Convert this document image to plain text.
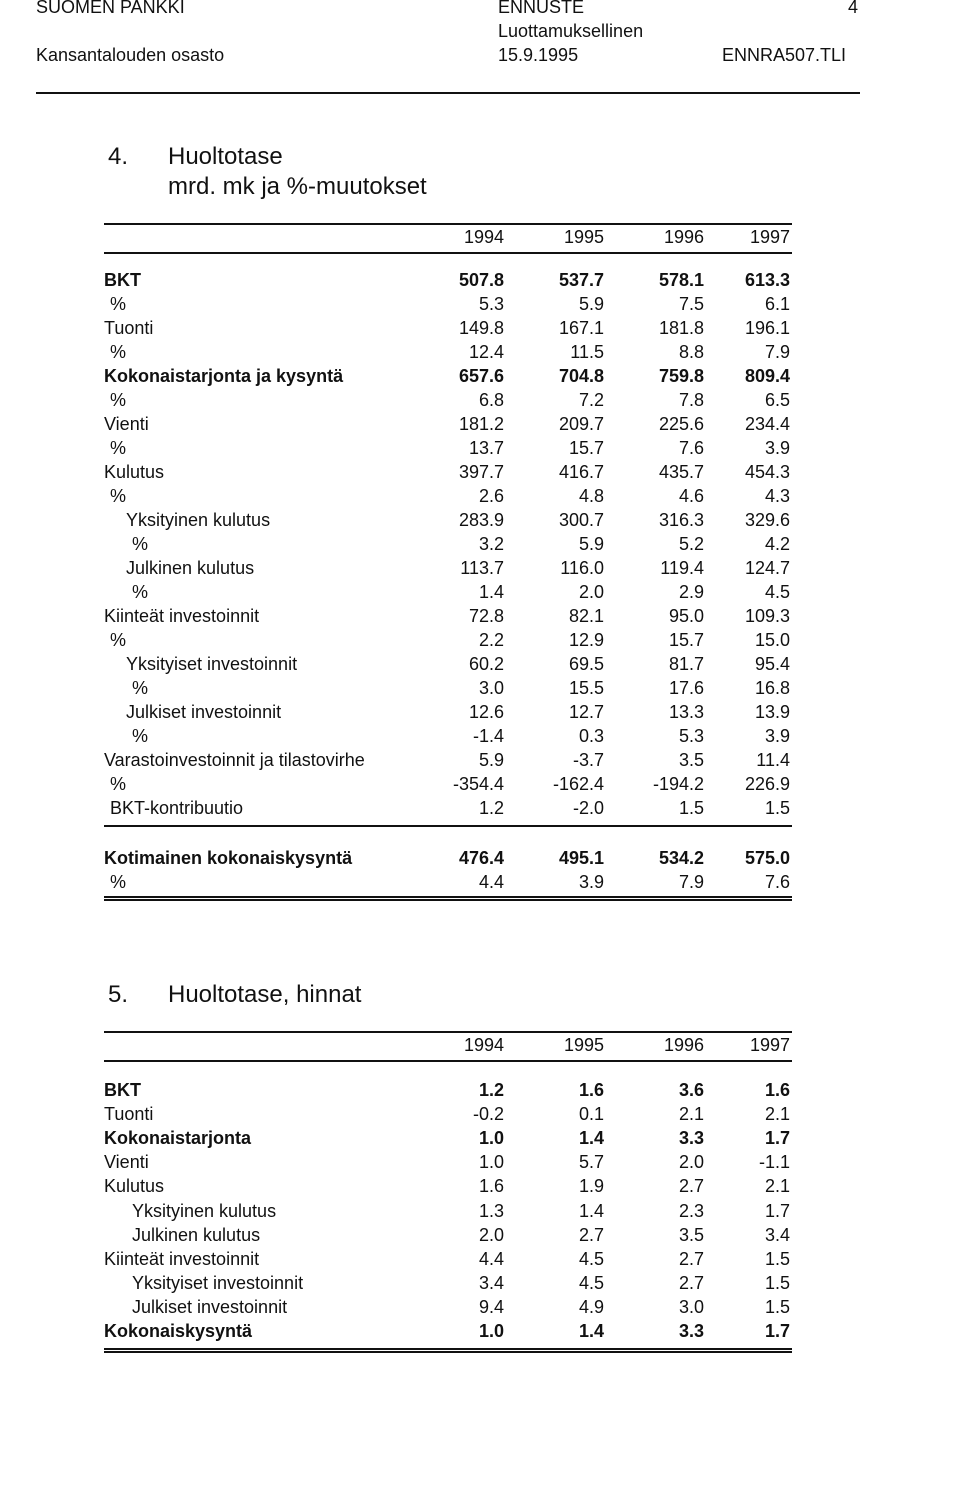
SUOMEN PANKKI
Kansantalouden osasto
ENNUSTE
Luottamuksellinen
15.9.1995
4
ENNRA507.TLI
4. Huoltotase
mrd. mk ja %-muutokset
1994	1995	1996	1997
BKT	507.8	537.7	578.1	613.3
%	5.3	5.9	7.5	6.1
Tuonti	149.8	167.1	181.8	196.1
%	12.4	11.5	8.8	7.9
Kokonaistarjonta ja kysyntä	657.6	704.8	759.8	809.4
%	6.8	7.2	7.8	6.5
Vienti	181.2	209.7	225.6	234.4
%	13.7	15.7	7.6	3.9
Kulutus	397.7	416.7	435.7	454.3
%	2.6	4.8	4.6	4.3
Yksityinen kulutus	283.9	300.7	316.3	329.6
%	3.2	5.9	5.2	4.2
Julkinen kulutus	113.7	116.0	119.4	124.7
%	1.4	2.0	2.9	4.5
Kiinteät investoinnit	72.8	82.1	95.0	109.3
%	2.2	12.9	15.7	15.0
Yksityiset investoinnit	60.2	69.5	81.7	95.4
%	3.0	15.5	17.6	16.8
Julkiset investoinnit	12.6	12.7	13.3	13.9
%	-1.4	0.3	5.3	3.9
Varastoinvestoinnit ja tilastovirhe	5.9	-3.7	3.5	11.4
%	-354.4	-162.4	-194.2	226.9
BKT-kontribuutio	1.2	-2.0	1.5	1.5
Kotimainen kokonaiskysyntä	476.4	495.1	534.2	575.0
%	4.4	3.9	7.9	7.6
5. Huoltotase, hinnat
1994	1995	1996	1997
BKT	1.2	1.6	3.6	1.6
Tuonti	-0.2	0.1	2.1	2.1
Kokonaistarjonta	1.0	1.4	3.3	1.7
Vienti	1.0	5.7	2.0	-1.1
Kulutus	1.6	1.9	2.7	2.1
Yksityinen kulutus	1.3	1.4	2.3	1.7
Julkinen kulutus	2.0	2.7	3.5	3.4
Kiinteät investoinnit	4.4	4.5	2.7	1.5
Yksityiset investoinnit	3.4	4.5	2.7	1.5
Julkiset investoinnit	9.4	4.9	3.0	1.5
Kokonaiskysyntä	1.0	1.4	3.3	1.7
